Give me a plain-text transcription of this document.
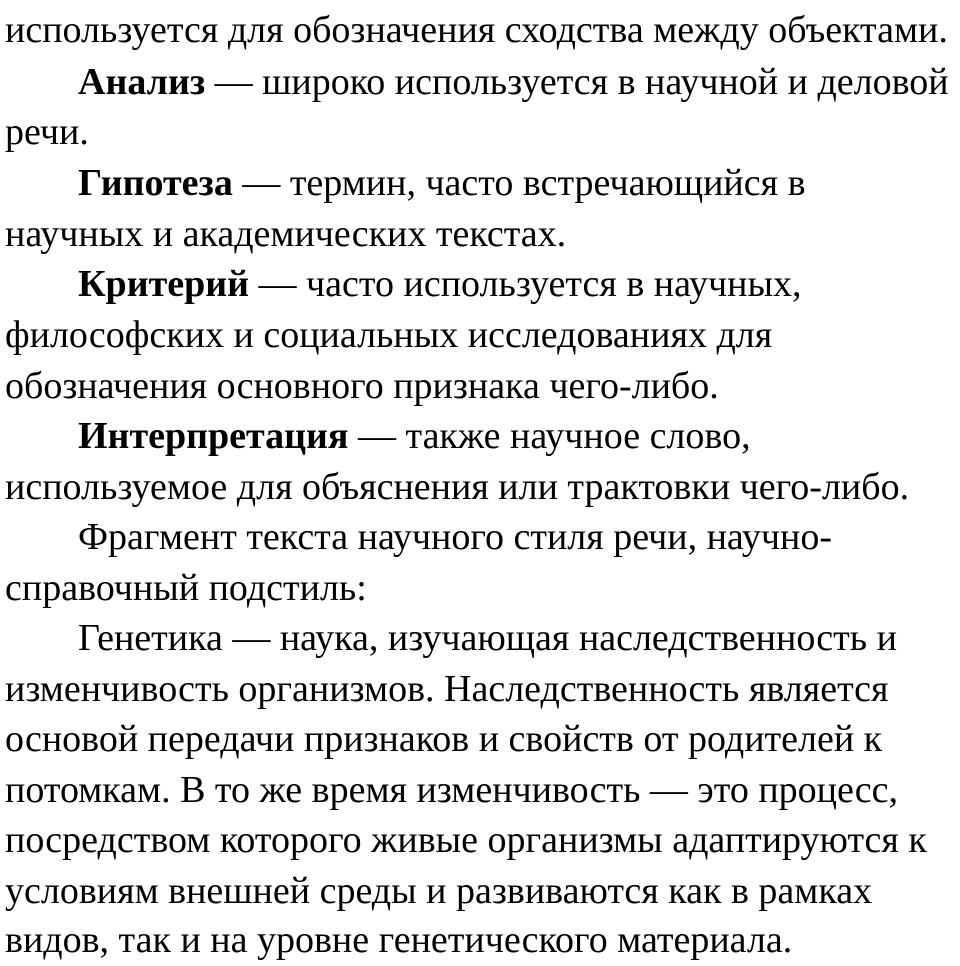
используется для обозначения сходства между объектами.
Анализ — широко используется в научной и деловой
речи.
Гипотеза — термин, часто встречающийся в
научных и академических текстах.
Критерий — часто используется в научных,
философских и социальных исследованиях для
обозначения основного признака чего-либо.
Интерпретация — также научное слово,
используемое для объяснения или трактовки чего-либо.
Фрагмент текста научного стиля речи, научно-
справочный подстиль:
Генетика — наука, изучающая наследственность и
изменчивость организмов. Наследственность является
основой передачи признаков и свойств от родителей к
потомкам. В то же время изменчивость — это процесс,
посредством которого живые организмы адаптируются к
условиям внешней среды и развиваются как в рамках
видов, так и на уровне генетического материала.
